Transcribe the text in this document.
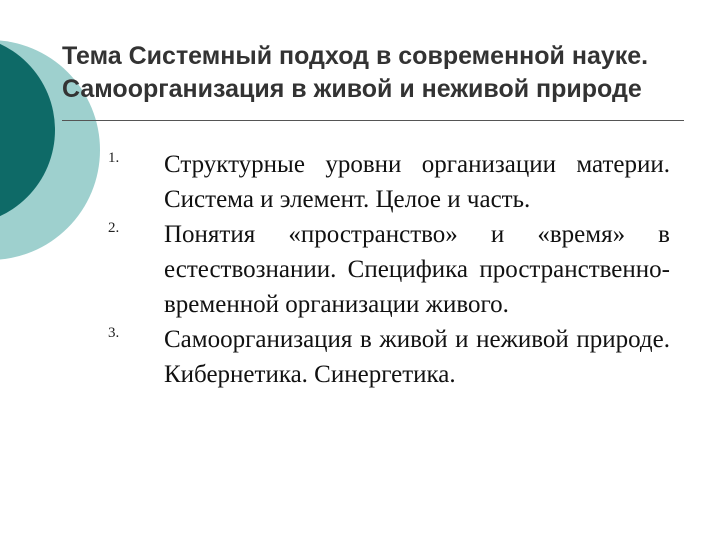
Тема Системный подход в современной науке. Самоорганизация в живой и неживой природе
1. Структурные уровни организации материи. Система и элемент. Целое и часть.
2. Понятия «пространство» и «время» в естествознании. Специфика пространственно-временной организации живого.
3. Самоорганизация в живой и неживой природе. Кибернетика. Синергетика.
